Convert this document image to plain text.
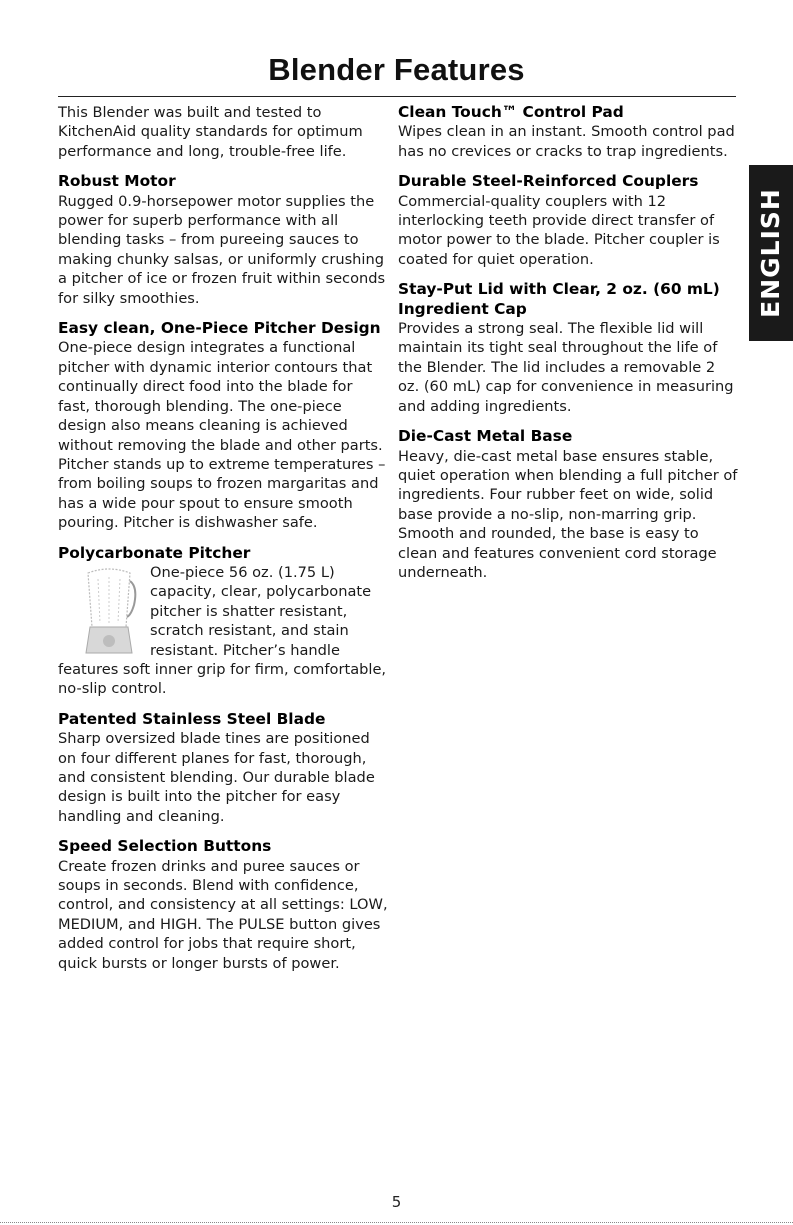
Blender Features

This Blender was built and tested to KitchenAid quality standards for optimum performance and long, trouble-free life.

Robust Motor
Rugged 0.9-horsepower motor supplies the power for superb performance with all blending tasks – from pureeing sauces to making chunky salsas, or uniformly crushing a pitcher of ice or frozen fruit within seconds for silky smoothies.
Easy clean, One-Piece Pitcher Design
One-piece design integrates a functional pitcher with dynamic interior contours that continually direct food into the blade for fast, thorough blending. The one-piece design also means cleaning is achieved without removing the blade and other parts. Pitcher stands up to extreme temperatures – from boiling soups to frozen margaritas and has a wide pour spout to ensure smooth pouring. Pitcher is dishwasher safe.
Polycarbonate Pitcher
One-piece 56 oz. (1.75 L) capacity, clear, polycarbonate pitcher is shatter resistant, scratch resistant, and stain resistant. Pitcher’s handle features soft inner grip for firm, comfortable, no-slip control.
Patented Stainless Steel Blade
Sharp oversized blade tines are positioned on four different planes for fast, thorough, and consistent blending. Our durable blade design is built into the pitcher for easy handling and cleaning.
Speed Selection Buttons
Create frozen drinks and puree sauces or soups in seconds. Blend with confidence, control, and consistency at all settings: LOW, MEDIUM, and HIGH. The PULSE button gives added control for jobs that require short, quick bursts or longer bursts of power.
Clean Touch™ Control Pad
Wipes clean in an instant. Smooth control pad has no crevices or cracks to trap ingredients.
Durable Steel-Reinforced Couplers
Commercial-quality couplers with 12 interlocking teeth provide direct transfer of motor power to the blade. Pitcher coupler is coated for quiet operation.
Stay-Put Lid with Clear, 2 oz. (60 mL) Ingredient Cap
Provides a strong seal. The flexible lid will maintain its tight seal throughout the life of the Blender. The lid includes a removable 2 oz. (60 mL) cap for convenience in measuring and adding ingredients.
Die-Cast Metal Base
Heavy, die-cast metal base ensures stable, quiet operation when blending a full pitcher of ingredients. Four rubber feet on wide, solid base provide a no-slip, non-marring grip. Smooth and rounded, the base is easy to clean and features convenient cord storage underneath.
ENGLISH
5
